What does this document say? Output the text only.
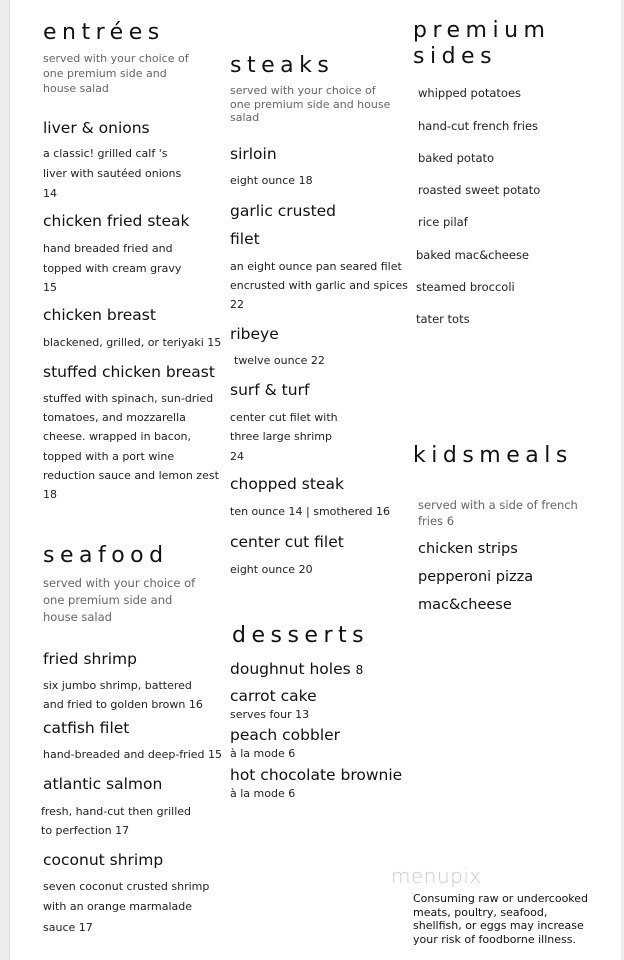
entrées
served with your choice of
one premium side and
house salad
liver & onions
a classic! grilled calf 's
liver with sautéed onions
14
chicken fried steak
hand breaded fried and
topped with cream gravy
15
chicken breast
blackened, grilled, or teriyaki 15
stuffed chicken breast
stuffed with spinach, sun-dried
tomatoes, and mozzarella
cheese. wrapped in bacon,
topped with a port wine
reduction sauce and lemon zest
18
seafood
served with your choice of
one premium side and
house salad
fried shrimp
six jumbo shrimp, battered
and fried to golden brown 16
catfish filet
hand-breaded and deep-fried 15
atlantic salmon
fresh, hand-cut then grilled
to perfection 17
coconut shrimp
seven coconut crusted shrimp
with an orange marmalade
sauce 17
steaks
served with your choice of
one premium side and house
salad
sirloin
eight ounce 18
garlic crusted
filet
an eight ounce pan seared filet
encrusted with garlic and spices
22
ribeye
twelve ounce 22
surf & turf
center cut filet with
three large shrimp
24
chopped steak
ten ounce 14 | smothered 16
center cut filet
eight ounce 20
desserts
doughnut holes 8
carrot cake
serves four 13
peach cobbler
à la mode 6
hot chocolate brownie
à la mode 6
premium
sides
whipped potatoes
hand-cut french fries
baked potato
roasted sweet potato
rice pilaf
baked mac&cheese
steamed broccoli
tater tots
kidsmeals
served with a side of french
fries 6
chicken strips
pepperoni pizza
mac&cheese
menupix
Consuming raw or undercooked meats, poultry, seafood, shellfish, or eggs may increase your risk of foodborne illness.
